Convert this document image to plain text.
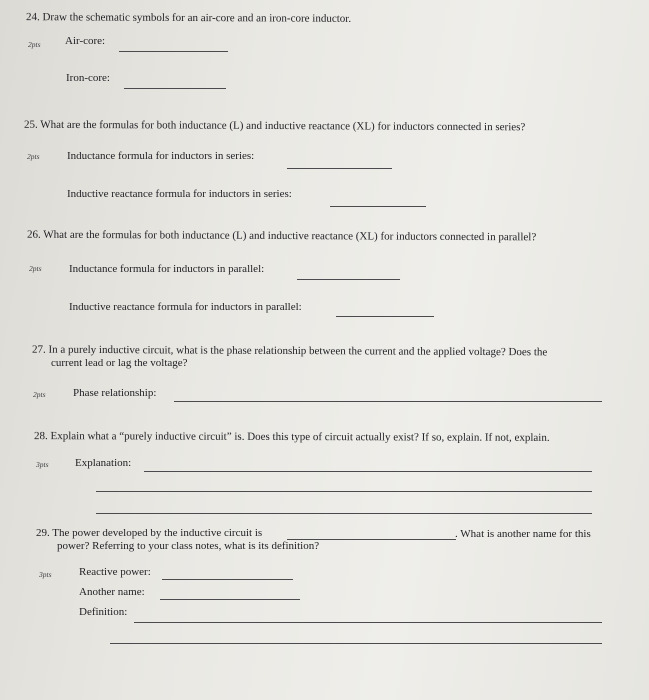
24. Draw the schematic symbols for an air-core and an iron-core inductor.
2pts Air-core:
Iron-core:
25. What are the formulas for both inductance (L) and inductive reactance (XL) for inductors connected in series?
2pts Inductance formula for inductors in series:
Inductive reactance formula for inductors in series:
26. What are the formulas for both inductance (L) and inductive reactance (XL) for inductors connected in parallel?
2pts Inductance formula for inductors in parallel:
Inductive reactance formula for inductors in parallel:
27. In a purely inductive circuit, what is the phase relationship between the current and the applied voltage? Does the
current lead or lag the voltage?
2pts Phase relationship:
28. Explain what a “purely inductive circuit” is. Does this type of circuit actually exist? If so, explain. If not, explain.
3pts Explanation:
29. The power developed by the inductive circuit is	. What is another name for this
power? Referring to your class notes, what is its definition?
3pts Reactive power:
Another name:
Definition:
